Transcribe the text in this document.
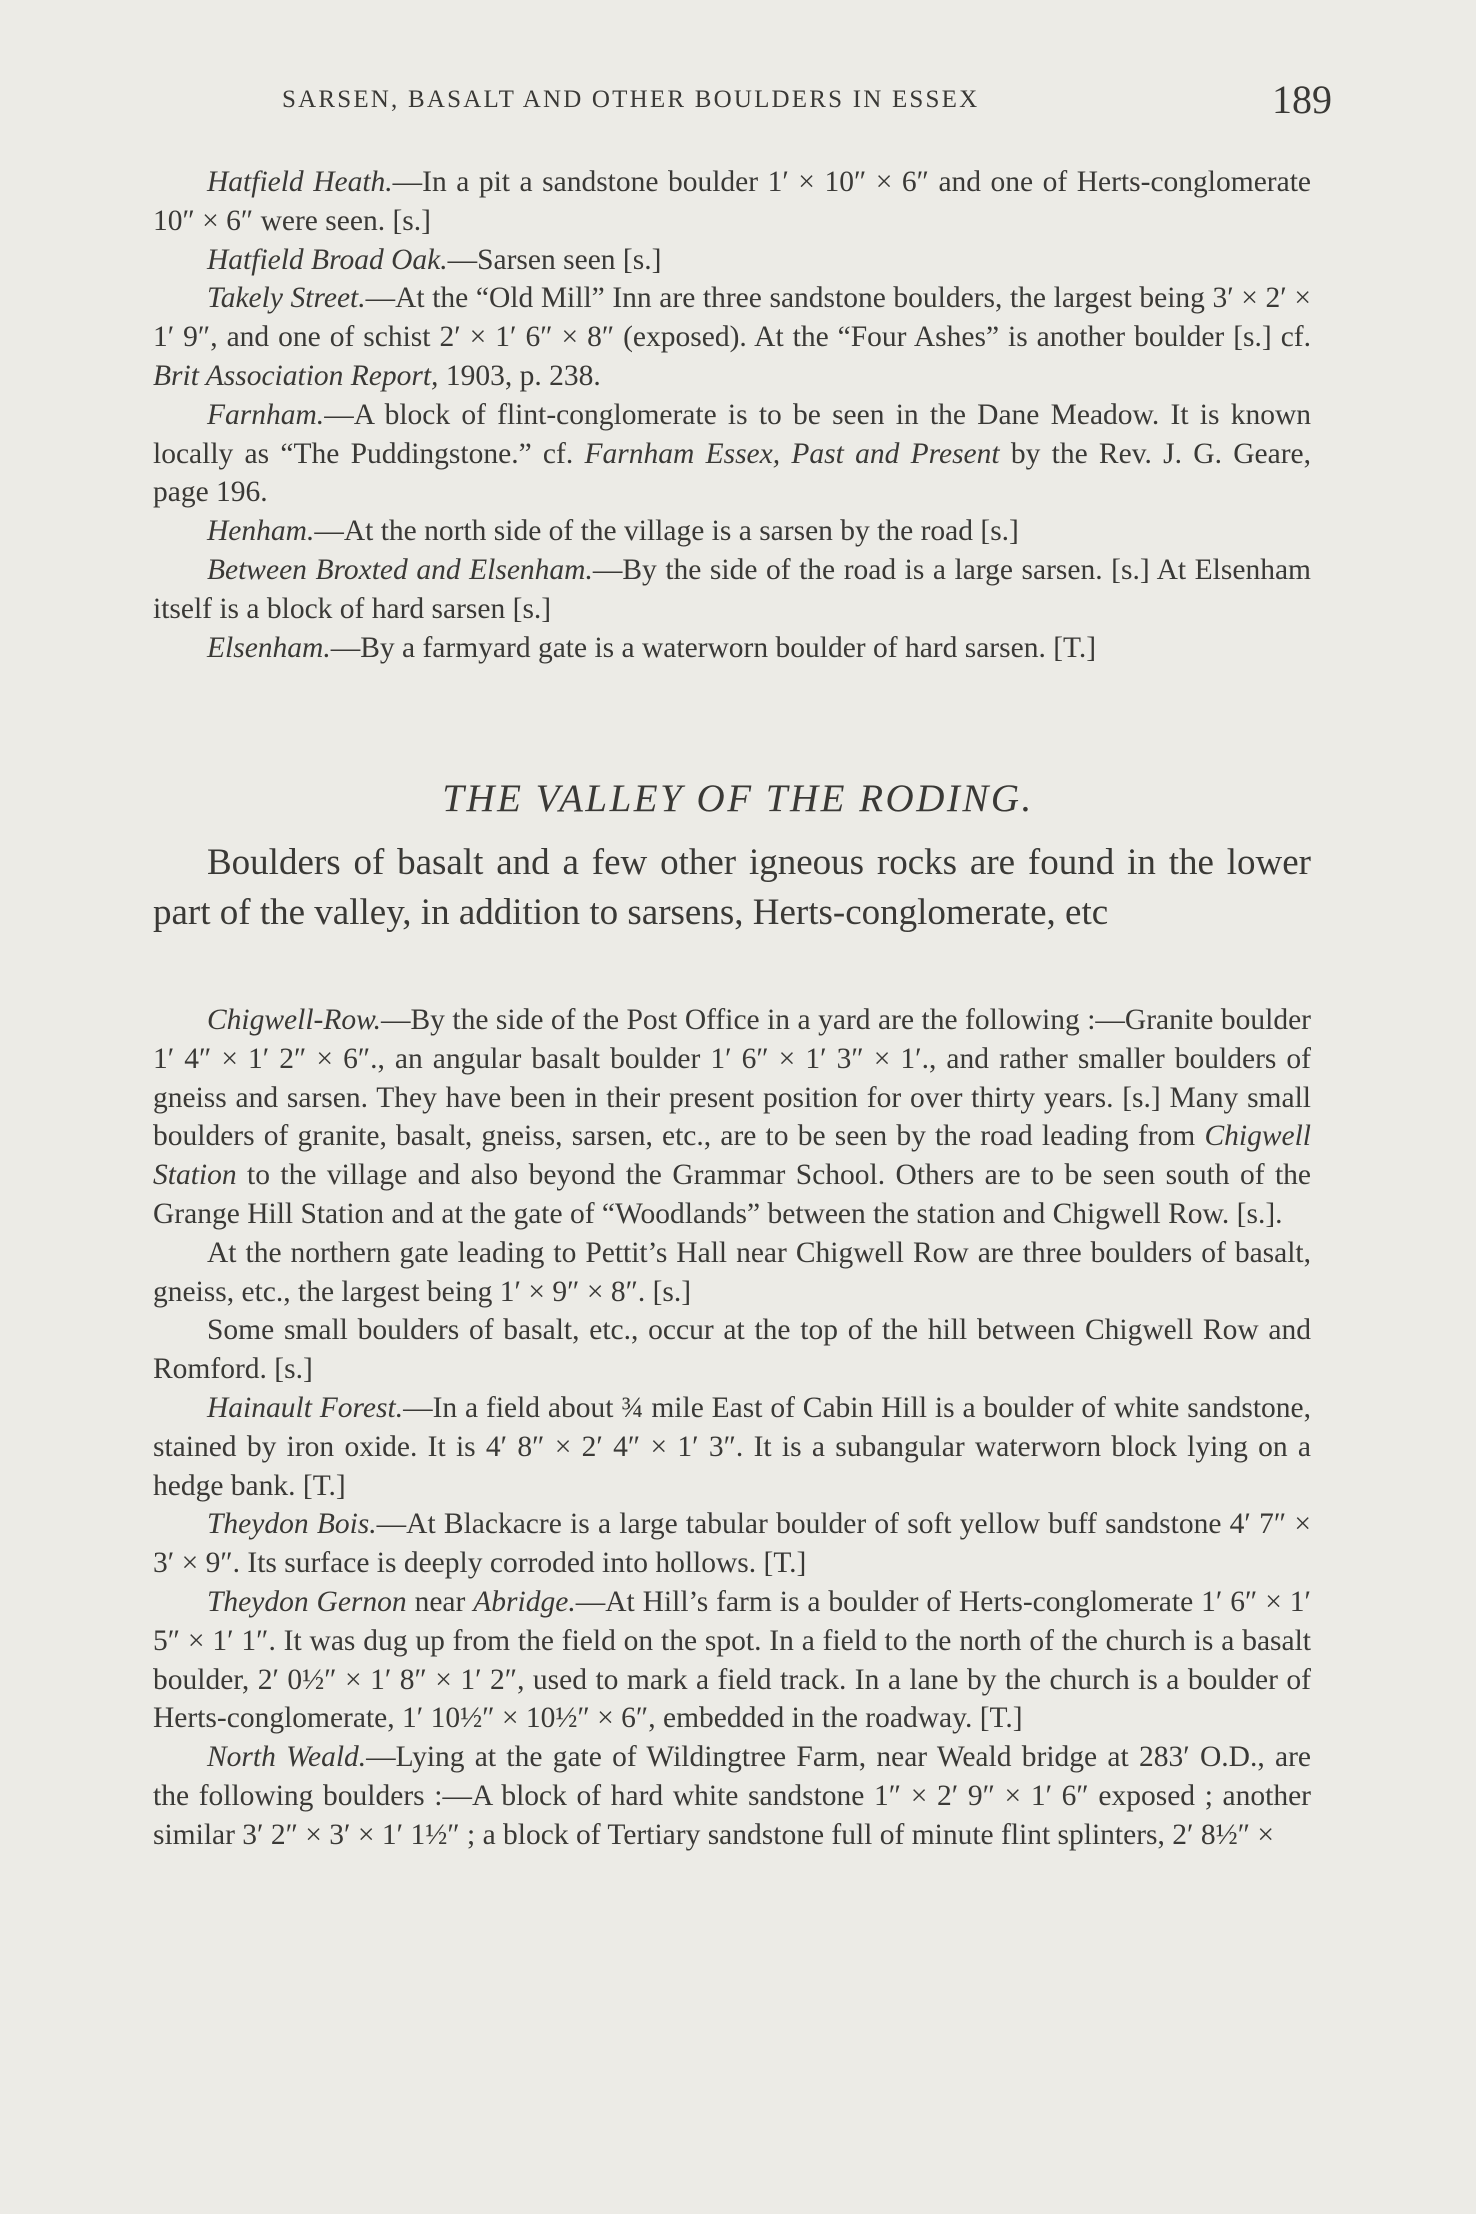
SARSEN, BASALT AND OTHER BOULDERS IN ESSEX	189

Hatfield Heath.—In a pit a sandstone boulder 1′ × 10″ × 6″ and one of Herts-conglomerate 10″ × 6″ were seen. [s.]

Hatfield Broad Oak.—Sarsen seen [s.]

Takely Street.—At the “Old Mill” Inn are three sandstone boulders, the largest being 3′ × 2′ × 1′ 9″, and one of schist 2′ × 1′ 6″ × 8″ (exposed). At the “Four Ashes” is another boulder [s.] cf. Brit Association Report, 1903, p. 238.

Farnham.—A block of flint-conglomerate is to be seen in the Dane Meadow. It is known locally as “The Puddingstone.” cf. Farnham Essex, Past and Present by the Rev. J. G. Geare, page 196.

Henham.—At the north side of the village is a sarsen by the road [s.]

Between Broxted and Elsenham.—By the side of the road is a large sarsen. [s.] At Elsenham itself is a block of hard sarsen [s.]

Elsenham.—By a farmyard gate is a waterworn boulder of hard sarsen. [T.]

THE VALLEY OF THE RODING.

Boulders of basalt and a few other igneous rocks are found in the lower part of the valley, in addition to sarsens, Herts-conglomerate, etc

Chigwell-Row.—By the side of the Post Office in a yard are the following :—Granite boulder 1′ 4″ × 1′ 2″ × 6″., an angular basalt boulder 1′ 6″ × 1′ 3″ × 1′., and rather smaller boulders of gneiss and sarsen. They have been in their present position for over thirty years. [s.] Many small boulders of granite, basalt, gneiss, sarsen, etc., are to be seen by the road leading from Chigwell Station to the village and also beyond the Grammar School. Others are to be seen south of the Grange Hill Station and at the gate of “Woodlands” between the station and Chigwell Row. [s.].

At the northern gate leading to Pettit’s Hall near Chigwell Row are three boulders of basalt, gneiss, etc., the largest being 1′ × 9″ × 8″. [s.]

Some small boulders of basalt, etc., occur at the top of the hill between Chigwell Row and Romford. [s.]

Hainault Forest.—In a field about ¾ mile East of Cabin Hill is a boulder of white sandstone, stained by iron oxide. It is 4′ 8″ × 2′ 4″ × 1′ 3″. It is a subangular waterworn block lying on a hedge bank. [T.]

Theydon Bois.—At Blackacre is a large tabular boulder of soft yellow buff sandstone 4′ 7″ × 3′ × 9″. Its surface is deeply corroded into hollows. [T.]

Theydon Gernon near Abridge.—At Hill’s farm is a boulder of Herts-conglomerate 1′ 6″ × 1′ 5″ × 1′ 1″. It was dug up from the field on the spot. In a field to the north of the church is a basalt boulder, 2′ 0½″ × 1′ 8″ × 1′ 2″, used to mark a field track. In a lane by the church is a boulder of Herts-conglomerate, 1′ 10½″ × 10½″ × 6″, embedded in the roadway. [T.]

North Weald.—Lying at the gate of Wildingtree Farm, near Weald bridge at 283′ O.D., are the following boulders :—A block of hard white sandstone 1″ × 2′ 9″ × 1′ 6″ exposed ; another similar 3′ 2″ × 3′ × 1′ 1½″ ; a block of Tertiary sandstone full of minute flint splinters, 2′ 8½″ ×
